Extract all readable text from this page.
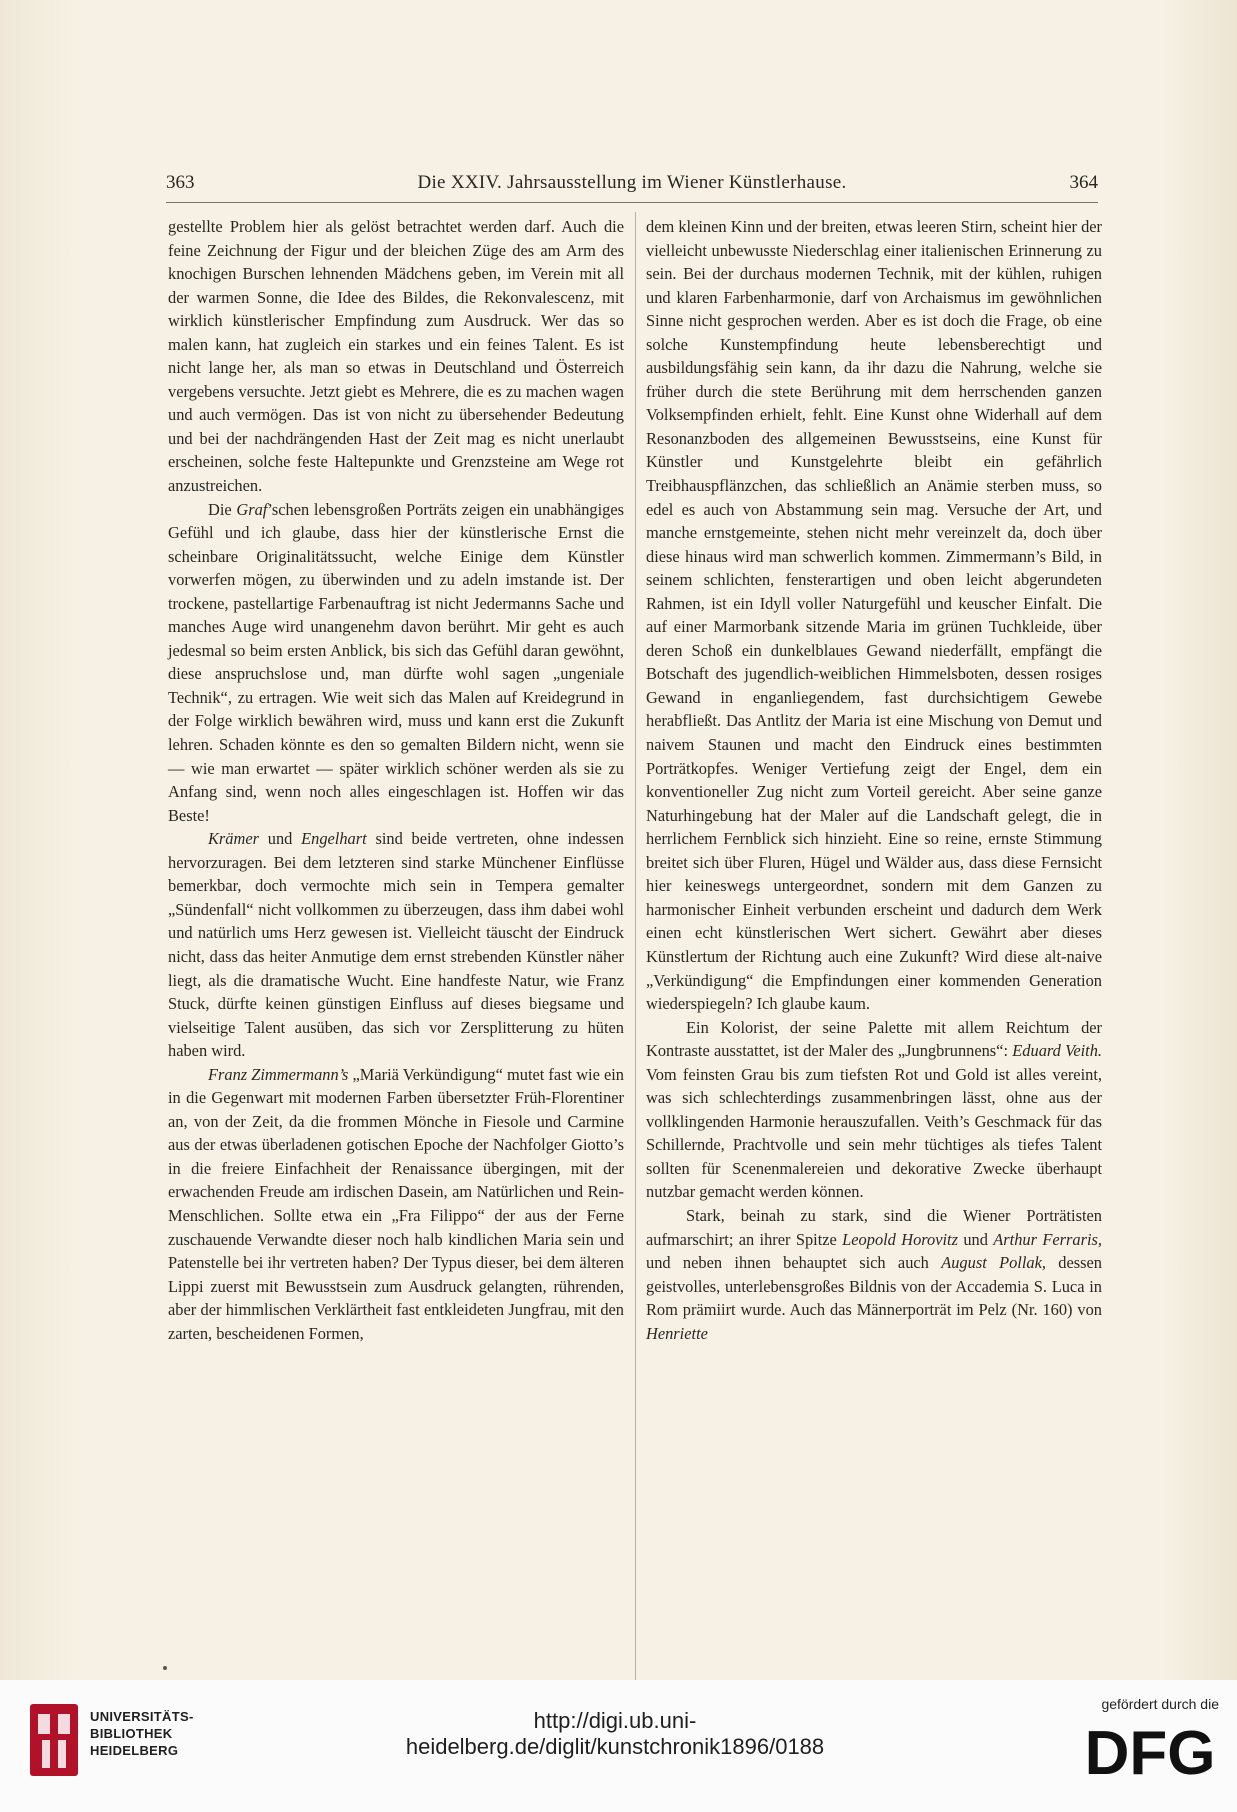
363	Die XXIV. Jahrsausstellung im Wiener Künstlerhause.	364

gestellte Problem hier als gelöst betrachtet werden darf. Auch die feine Zeichnung der Figur und der bleichen Züge des am Arm des knochigen Burschen lehnenden Mädchens geben, im Verein mit all der warmen Sonne, die Idee des Bildes, die Rekonvalescenz, mit wirklich künstlerischer Empfindung zum Ausdruck. Wer das so malen kann, hat zugleich ein starkes und ein feines Talent. Es ist nicht lange her, als man so etwas in Deutschland und Österreich vergebens versuchte. Jetzt giebt es Mehrere, die es zu machen wagen und auch vermögen. Das ist von nicht zu übersehender Bedeutung und bei der nachdrängenden Hast der Zeit mag es nicht unerlaubt erscheinen, solche feste Haltepunkte und Grenzsteine am Wege rot anzustreichen.

Die Graf’schen lebensgroßen Porträts zeigen ein unabhängiges Gefühl und ich glaube, dass hier der künstlerische Ernst die scheinbare Originalitätssucht, welche Einige dem Künstler vorwerfen mögen, zu überwinden und zu adeln imstande ist. Der trockene, pastellartige Farbenauftrag ist nicht Jedermanns Sache und manches Auge wird unangenehm davon berührt. Mir geht es auch jedesmal so beim ersten Anblick, bis sich das Gefühl daran gewöhnt, diese anspruchslose und, man dürfte wohl sagen „ungeniale Technik“, zu ertragen. Wie weit sich das Malen auf Kreidegrund in der Folge wirklich bewähren wird, muss und kann erst die Zukunft lehren. Schaden könnte es den so gemalten Bildern nicht, wenn sie — wie man erwartet — später wirklich schöner werden als sie zu Anfang sind, wenn noch alles eingeschlagen ist. Hoffen wir das Beste!

Krämer und Engelhart sind beide vertreten, ohne indessen hervorzuragen. Bei dem letzteren sind starke Münchener Einflüsse bemerkbar, doch vermochte mich sein in Tempera gemalter „Sündenfall“ nicht vollkommen zu überzeugen, dass ihm dabei wohl und natürlich ums Herz gewesen ist. Vielleicht täuscht der Eindruck nicht, dass das heiter Anmutige dem ernst strebenden Künstler näher liegt, als die dramatische Wucht. Eine handfeste Natur, wie Franz Stuck, dürfte keinen günstigen Einfluss auf dieses biegsame und vielseitige Talent ausüben, das sich vor Zersplitterung zu hüten haben wird.

Franz Zimmermann’s „Mariä Verkündigung“ mutet fast wie ein in die Gegenwart mit modernen Farben übersetzter Früh-Florentiner an, von der Zeit, da die frommen Mönche in Fiesole und Carmine aus der etwas überladenen gotischen Epoche der Nachfolger Giotto’s in die freiere Einfachheit der Renaissance übergingen, mit der erwachenden Freude am irdischen Dasein, am Natürlichen und Rein-Menschlichen. Sollte etwa ein „Fra Filippo“ der aus der Ferne zuschauende Verwandte dieser noch halb kindlichen Maria sein und Patenstelle bei ihr vertreten haben? Der Typus dieser, bei dem älteren Lippi zuerst mit Bewusstsein zum Ausdruck gelangten, rührenden, aber der himmlischen Verklärtheit fast entkleideten Jungfrau, mit den zarten, bescheidenen Formen,

dem kleinen Kinn und der breiten, etwas leeren Stirn, scheint hier der vielleicht unbewusste Niederschlag einer italienischen Erinnerung zu sein. Bei der durchaus modernen Technik, mit der kühlen, ruhigen und klaren Farbenharmonie, darf von Archaismus im gewöhnlichen Sinne nicht gesprochen werden. Aber es ist doch die Frage, ob eine solche Kunstempfindung heute lebensberechtigt und ausbildungsfähig sein kann, da ihr dazu die Nahrung, welche sie früher durch die stete Berührung mit dem herrschenden ganzen Volksempfinden erhielt, fehlt. Eine Kunst ohne Widerhall auf dem Resonanzboden des allgemeinen Bewusstseins, eine Kunst für Künstler und Kunstgelehrte bleibt ein gefährlich Treibhauspflänzchen, das schließlich an Anämie sterben muss, so edel es auch von Abstammung sein mag. Versuche der Art, und manche ernstgemeinte, stehen nicht mehr vereinzelt da, doch über diese hinaus wird man schwerlich kommen. Zimmermann’s Bild, in seinem schlichten, fensterartigen und oben leicht abgerundeten Rahmen, ist ein Idyll voller Naturgefühl und keuscher Einfalt. Die auf einer Marmorbank sitzende Maria im grünen Tuchkleide, über deren Schoß ein dunkelblaues Gewand niederfällt, empfängt die Botschaft des jugendlich-weiblichen Himmelsboten, dessen rosiges Gewand in enganliegendem, fast durchsichtigem Gewebe herabfließt. Das Antlitz der Maria ist eine Mischung von Demut und naivem Staunen und macht den Eindruck eines bestimmten Porträtkopfes. Weniger Vertiefung zeigt der Engel, dem ein konventioneller Zug nicht zum Vorteil gereicht. Aber seine ganze Naturhingebung hat der Maler auf die Landschaft gelegt, die in herrlichem Fernblick sich hinzieht. Eine so reine, ernste Stimmung breitet sich über Fluren, Hügel und Wälder aus, dass diese Fernsicht hier keineswegs untergeordnet, sondern mit dem Ganzen zu harmonischer Einheit verbunden erscheint und dadurch dem Werk einen echt künstlerischen Wert sichert. Gewährt aber dieses Künstlertum der Richtung auch eine Zukunft? Wird diese alt-naive „Verkündigung“ die Empfindungen einer kommenden Generation wiederspiegeln? Ich glaube kaum.

Ein Kolorist, der seine Palette mit allem Reichtum der Kontraste ausstattet, ist der Maler des „Jungbrunnens“: Eduard Veith. Vom feinsten Grau bis zum tiefsten Rot und Gold ist alles vereint, was sich schlechterdings zusammenbringen lässt, ohne aus der vollklingenden Harmonie herauszufallen. Veith’s Geschmack für das Schillernde, Prachtvolle und sein mehr tüchtiges als tiefes Talent sollten für Scenenmalereien und dekorative Zwecke überhaupt nutzbar gemacht werden können.

Stark, beinah zu stark, sind die Wiener Porträtisten aufmarschirt; an ihrer Spitze Leopold Horovitz und Arthur Ferraris, und neben ihnen behauptet sich auch August Pollak, dessen geistvolles, unterlebensgroßes Bildnis von der Accademia S. Luca in Rom prämiirt wurde. Auch das Männerporträt im Pelz (Nr. 160) von Henriette

UNIVERSITÄTS-
BIBLIOTHEK
HEIDELBERG
http://digi.ub.uni-heidelberg.de/diglit/kunstchronik1896/0188
gefördert durch die
DFG
